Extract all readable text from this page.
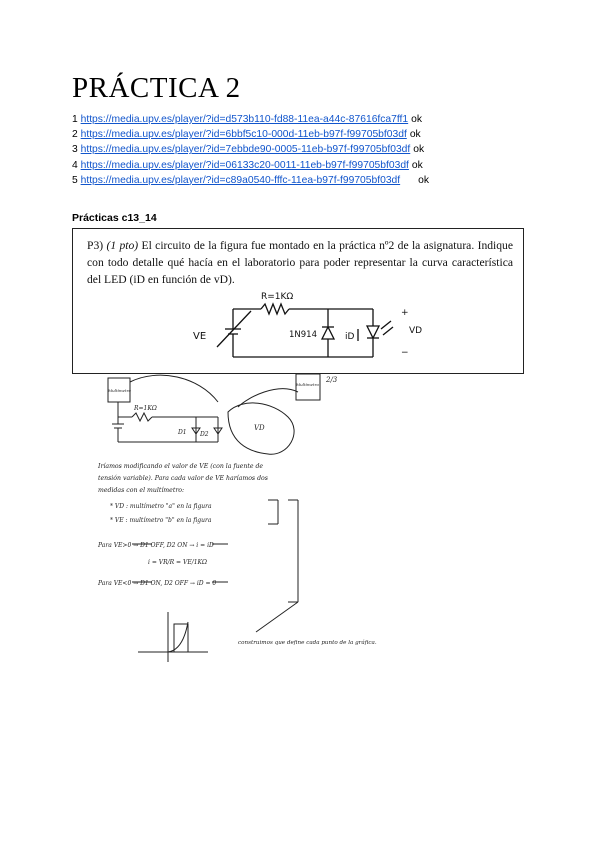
PRÁCTICA 2
1 https://media.upv.es/player/?id=d573b110-fd88-11ea-a44c-87616fca7ff1 ok
2 https://media.upv.es/player/?id=6bbf5c10-000d-11eb-b97f-f99705bf03df ok
3 https://media.upv.es/player/?id=7ebbde90-0005-11eb-b97f-f99705bf03df ok
4 https://media.upv.es/player/?id=06133c20-0011-11eb-b97f-f99705bf03df ok
5 https://media.upv.es/player/?id=c89a0540-fffc-11ea-b97f-f99705bf03df ok
Prácticas c13_14
P3) (1 pto) El circuito de la figura fue montado en la práctica nº2 de la asignatura. Indique con todo detalle qué hacía en el laboratorio para poder representar la curva característica del LED (iD en función de vD).
R=1KΩ
VE	1N914	iD
VD
+
−
Multímetro
Multímetro
2/3
R=1KΩ
D1 D2
VD
Iríamos modificando el valor de VE (con la fuente de
tensión variable). Para cada valor de VE haríamos dos
medidas con el multímetro:
* VD : multímetro "a" en la figura
* VE : multímetro "b" en la figura
Para VE>0 → D1 OFF, D2 ON → i = iD
i = VR/R = VE/1KΩ
Para VE<0 → D1 ON, D2 OFF → iD = 0
construimos que define cada punto de la gráfica.
